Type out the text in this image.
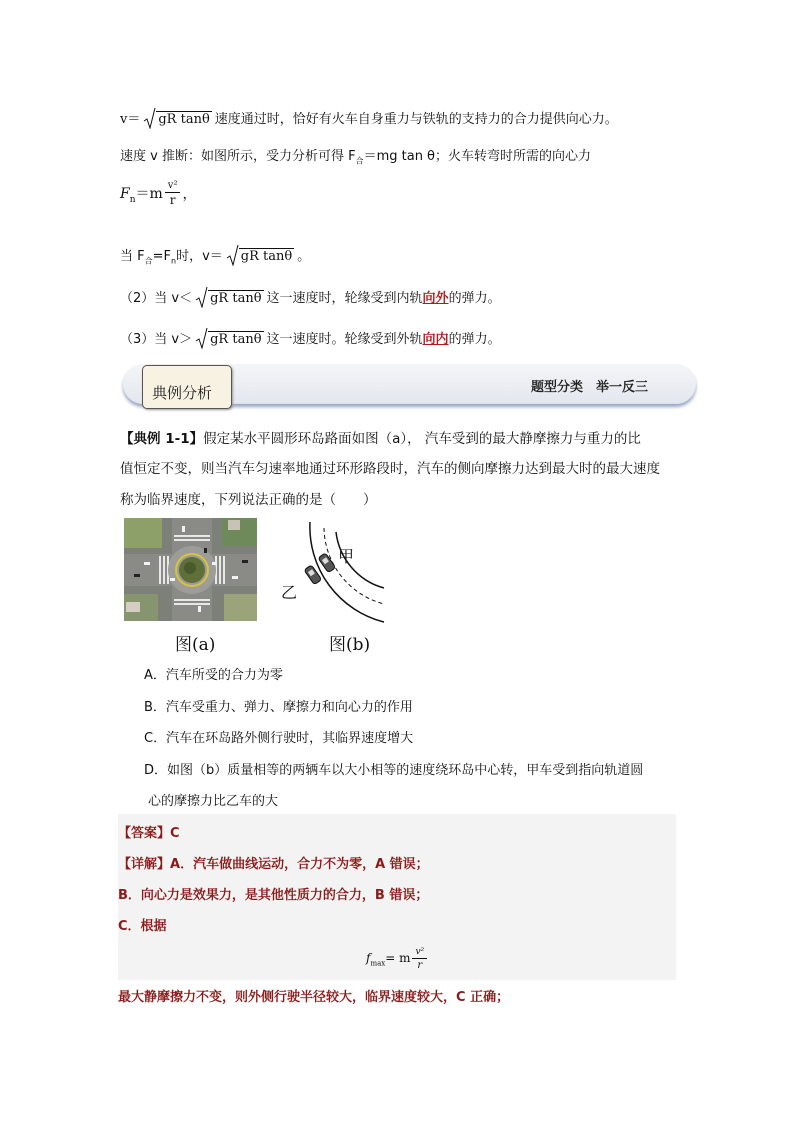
v＝ gR tanθ 速度通过时，恰好有火车自身重力与铁轨的支持力的合力提供向心力。
速度 v 推断：如图所示，受力分析可得 $F_合=mg$ tan θ；火车转弯时所需的向心力
$F_n=m \frac{\text{v²}}{r}$ ，
当 $F_合=F_n$时，v＝ gR tanθ 。
（2）当 v＜ gR tanθ 这一速度时，轮缘受到内轨向外的弹力。
（3）当 v＞ gR tanθ 这一速度时。轮缘受到外轨向内的弹力。
典例分析	题型分类　举一反三
【典例 1-1】假定某水平圆形环岛路面如图（a）， 汽车受到的最大静摩擦力与重力的比
值恒定不变，则当汽车匀速率地通过环形路段时，汽车的侧向摩擦力达到最大时的最大速度
称为临界速度，下列说法正确的是（　　）
图(a)
甲
乙
图(b)
A．汽车所受的合力为零
B．汽车受重力、弹力、摩擦力和向心力的作用
C．汽车在环岛路外侧行驶时，其临界速度增大
D．如图（b）质量相等的两辆车以大小相等的速度绕环岛中心转，甲车受到指向轨道圆
心的摩擦力比乙车的大
【答案】C
【详解】A．汽车做曲线运动，合力不为零，A 错误；
B．向心力是效果力，是其他性质力的合力，B 错误；
C．根据
$f_{max}= m \frac{\text{v²}}{r}$
最大静摩擦力不变，则外侧行驶半径较大，临界速度较大，C 正确；
